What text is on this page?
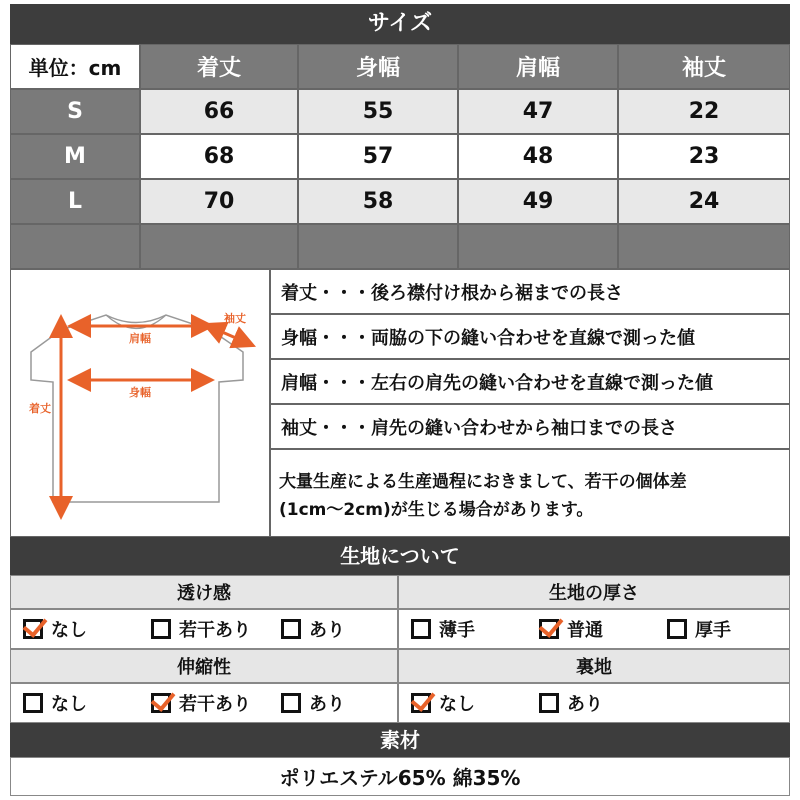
サイズ
単位：cm	着丈	身幅	肩幅	袖丈
S	66	55	47	22
M	68	57	48	23
L	70	58	49	24
肩幅
袖丈
身幅
着丈
着丈・・・後ろ襟付け根から裾までの長さ
身幅・・・両脇の下の縫い合わせを直線で測った値
肩幅・・・左右の肩先の縫い合わせを直線で測った値
袖丈・・・肩先の縫い合わせから袖口までの長さ
大量生産による生産過程におきまして、若干の個体差
(1cm～2cm)が生じる場合があります。
生地について
透け感
なし	若干あり	あり
生地の厚さ
薄手	普通	厚手
伸縮性
なし	若干あり	あり
裏地
なし	あり
素材
ポリエステル65% 綿35%
